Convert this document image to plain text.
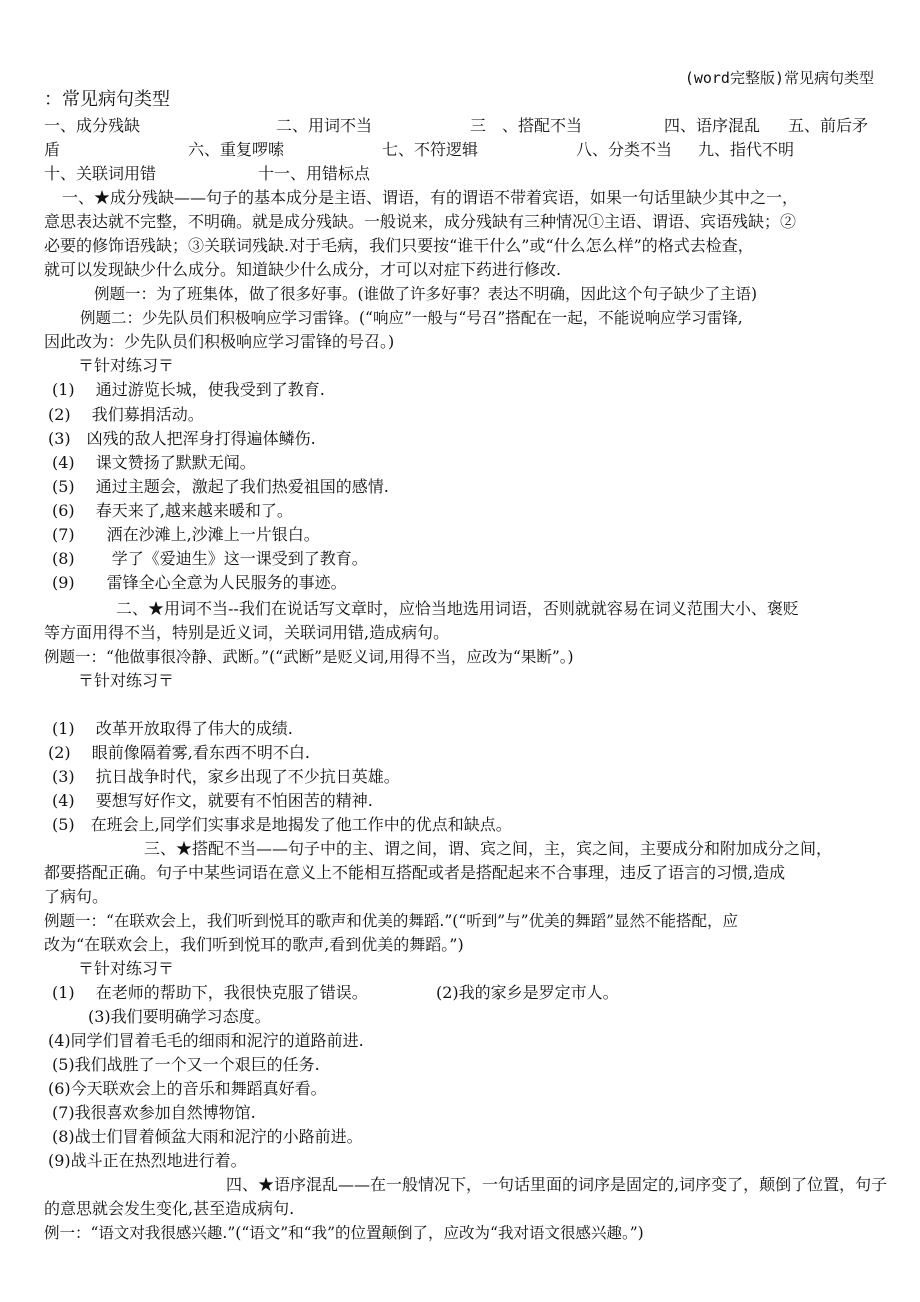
(word完整版)常见病句类型
：常见病句类型
一、成分残缺	二、用词不当	三　、搭配不当	四、语序混乱 五、前后矛
盾	六、重复啰嗦	七、不符逻辑	八、分类不当 九、指代不明
十、关联词用错	十一、用错标点
一、★成分残缺——句子的基本成分是主语、谓语，有的谓语不带着宾语，如果一句话里缺少其中之一，
意思表达就不完整，不明确。就是成分残缺。一般说来，成分残缺有三种情况①主语、谓语、宾语残缺；②
必要的修饰语残缺；③关联词残缺.对于毛病，我们只要按“谁干什么”或“什么怎么样”的格式去检查，
就可以发现缺少什么成分。知道缺少什么成分，才可以对症下药进行修改.
例题一：为了班集体，做了很多好事。(谁做了许多好事？表达不明确，因此这个句子缺少了主语)
例题二：少先队员们积极响应学习雷锋。(“响应”一般与“号召”搭配在一起，不能说响应学习雷锋,
因此改为：少先队员们积极响应学习雷锋的号召。)
〒针对练习〒
(1)　 通过游览长城，使我受到了教育.
(2)　 我们募捐活动。
(3)　凶残的敌人把浑身打得遍体鳞伤.
(4)　 课文赞扬了默默无闻。
(5)　 通过主题会，激起了我们热爱祖国的感情.
(6)　 春天来了,越来越来暖和了。
(7)　　洒在沙滩上,沙滩上一片银白。
(8)　　 学了《爱迪生》这一课受到了教育。
(9)　　雷锋全心全意为人民服务的事迹。
二、★用词不当--我们在说话写文章时，应恰当地选用词语，否则就就容易在词义范围大小、褒贬
等方面用得不当，特别是近义词，关联词用错,造成病句。
例题一：“他做事很冷静、武断。”(“武断”是贬义词,用得不当，应改为“果断”。)
〒针对练习〒
(1)　 改革开放取得了伟大的成绩.
(2)　 眼前像隔着雾,看东西不明不白.
(3)　 抗日战争时代，家乡出现了不少抗日英雄。
(4)　 要想写好作文，就要有不怕困苦的精神.
(5)　在班会上,同学们实事求是地揭发了他工作中的优点和缺点。
三、★搭配不当——句子中的主、谓之间，谓、宾之间，主，宾之间，主要成分和附加成分之间，
都要搭配正确。句子中某些词语在意义上不能相互搭配或者是搭配起来不合事理，违反了语言的习惯,造成
了病句。
例题一：“在联欢会上，我们听到悦耳的歌声和优美的舞蹈.”(“听到”与”优美的舞蹈”显然不能搭配，应
改为“在联欢会上，我们听到悦耳的歌声,看到优美的舞蹈。”)
〒针对练习〒
(1)　 在老师的帮助下，我很快克服了错误。	(2)我的家乡是罗定市人。
(3)我们要明确学习态度。
(4)同学们冒着毛毛的细雨和泥泞的道路前进.
(5)我们战胜了一个又一个艰巨的任务.
(6)今天联欢会上的音乐和舞蹈真好看。
(7)我很喜欢参加自然博物馆.
(8)战士们冒着倾盆大雨和泥泞的小路前进。
(9)战斗正在热烈地进行着。
四、★语序混乱——在一般情况下，一句话里面的词序是固定的,词序变了，颠倒了位置，句子
的意思就会发生变化,甚至造成病句.
例一：“语文对我很感兴趣.”(“语文”和“我”的位置颠倒了，应改为“我对语文很感兴趣。”)
